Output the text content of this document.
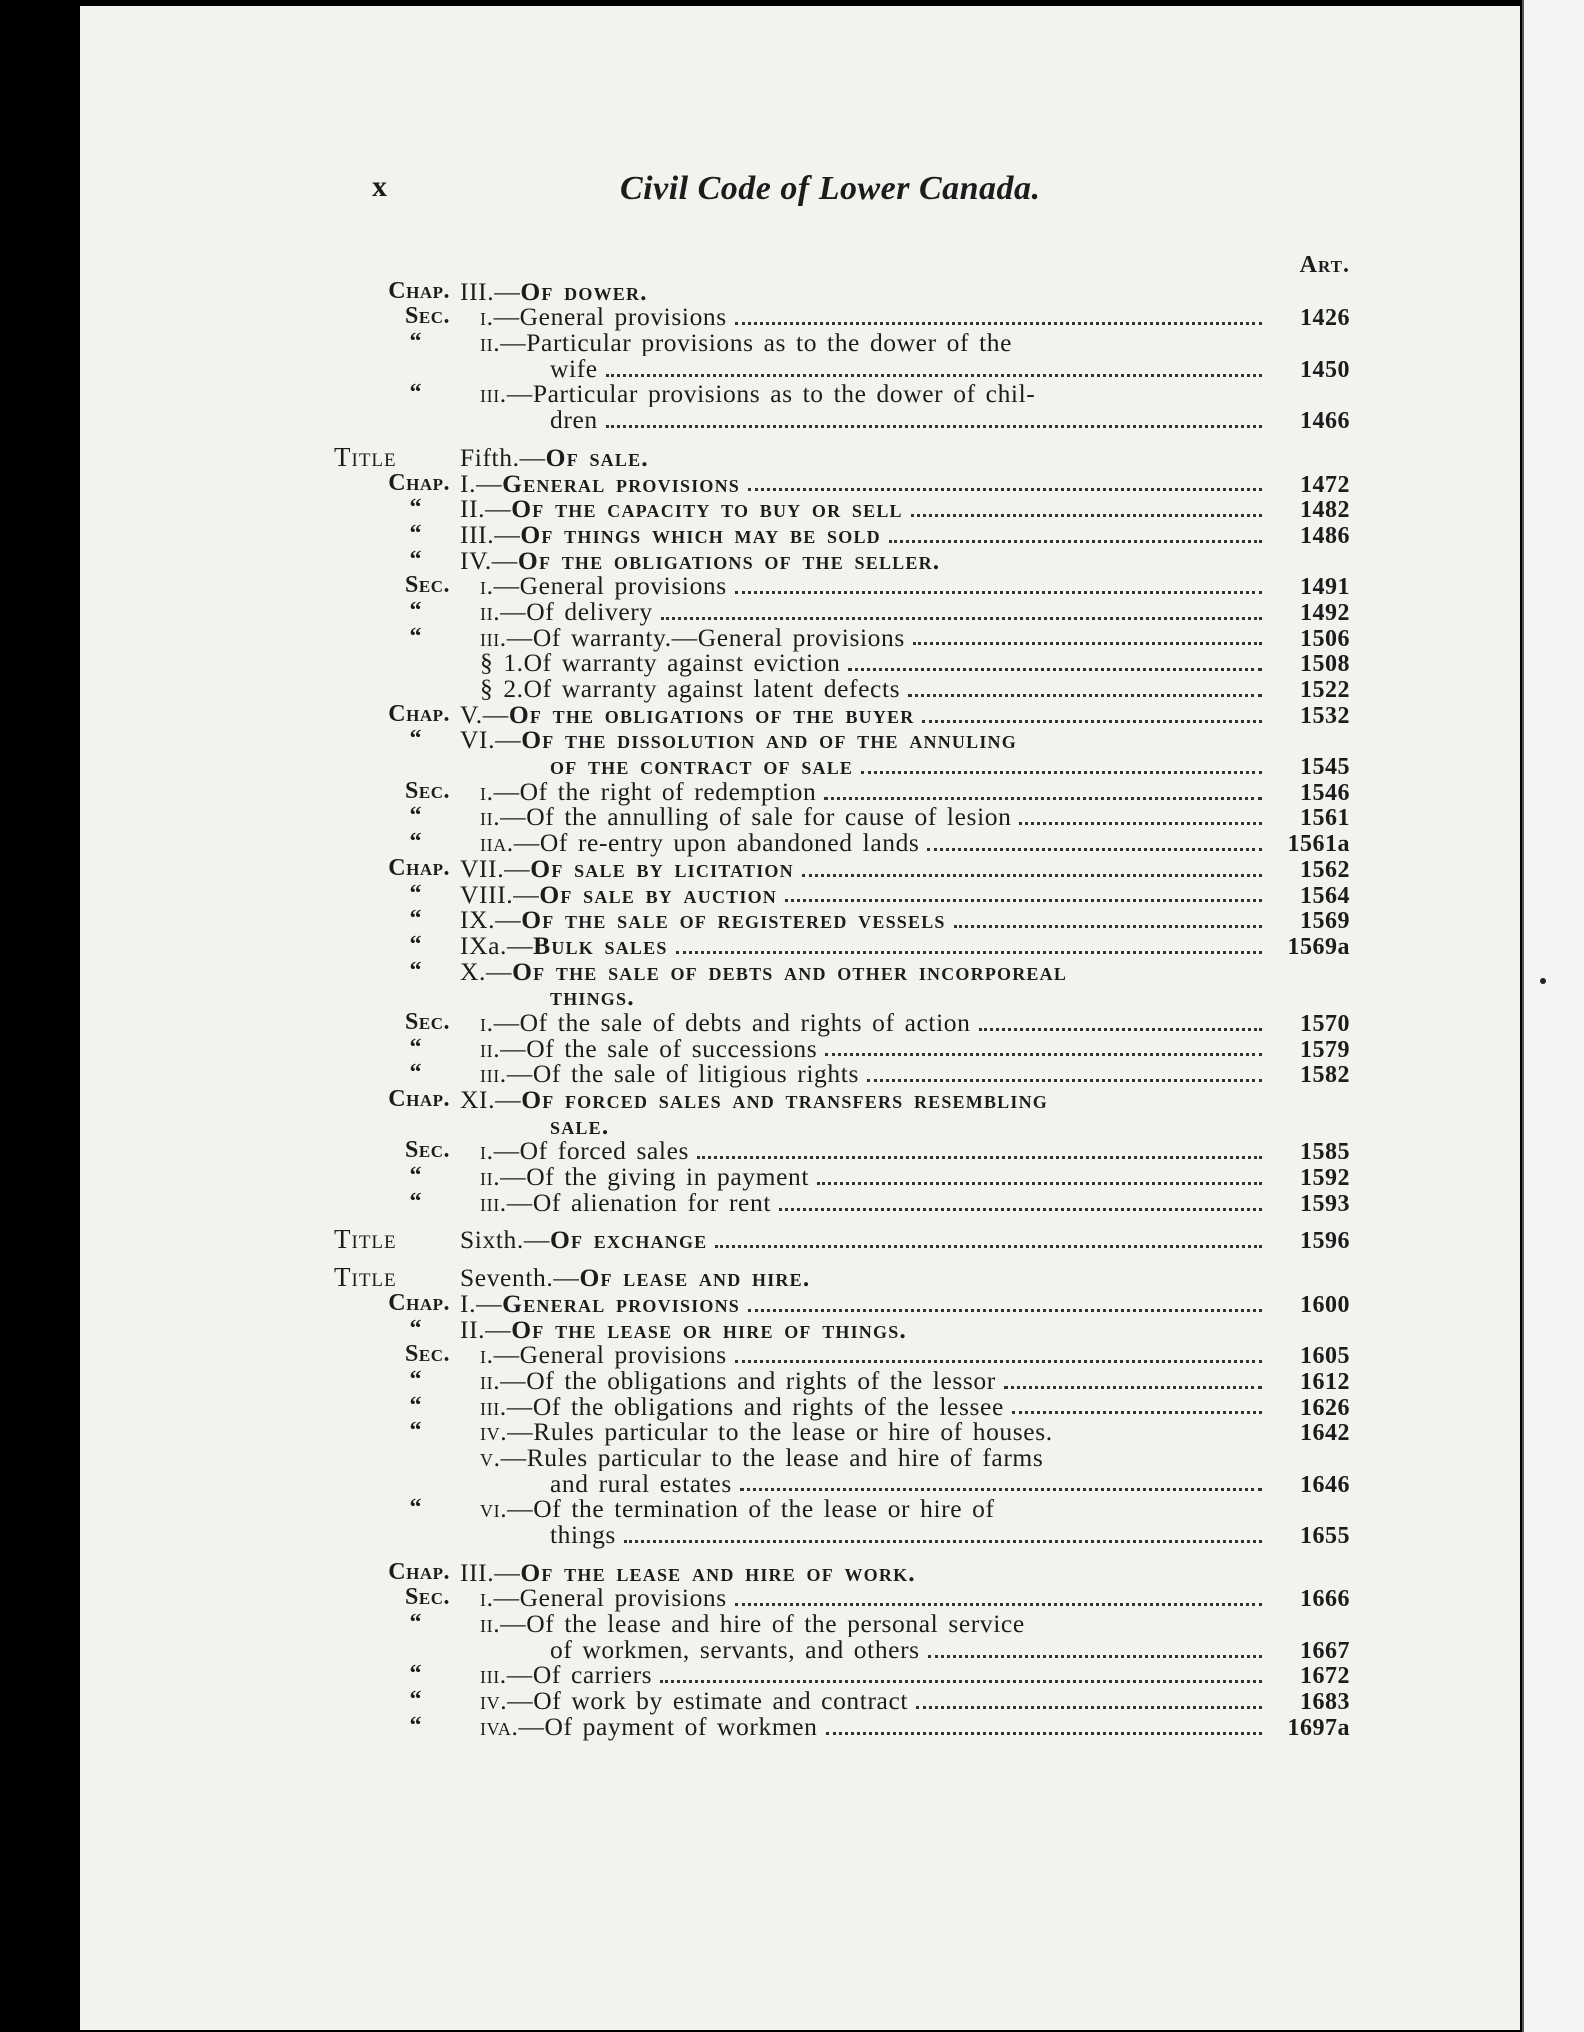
x	Civil Code of Lower Canada.
Art.
Chap. III.— Of dower.
Sec. i.— General provisions	1426
“ ii.— Particular provisions as to the dower of the
wife	1450
“ iii.— Particular provisions as to the dower of chil-
dren	1466
Title	Fifth.— Of sale.
Chap. I.— General provisions	1472
“ II.— Of the capacity to buy or sell	1482
“ III.— Of things which may be sold	1486
“ IV.— Of the obligations of the seller.
Sec. i.— General provisions	1491
“ ii.— Of delivery	1492
“ iii.— Of warranty.—General provisions	1506
§ 1. Of warranty against eviction	1508
§ 2. Of warranty against latent defects	1522
Chap. V.— Of the obligations of the buyer	1532
“ VI.— Of the dissolution and of the annuling
of the contract of sale	1545
Sec. i.— Of the right of redemption	1546
“ ii.— Of the annulling of sale for cause of lesion	1561
“ iia.— Of re-entry upon abandoned lands	1561a
Chap. VII.— Of sale by licitation	1562
“ VIII.— Of sale by auction	1564
“ IX.— Of the sale of registered vessels	1569
“ IXa.— Bulk sales	1569a
“ X.— Of the sale of debts and other incorporeal
things.
Sec. i.— Of the sale of debts and rights of action	1570
“ ii.— Of the sale of successions	1579
“ iii.— Of the sale of litigious rights	1582
Chap. XI.— Of forced sales and transfers resembling
sale.
Sec. i.— Of forced sales	1585
“ ii.— Of the giving in payment	1592
“ iii.— Of alienation for rent	1593
Title	Sixth.— Of exchange	1596
Title	Seventh.— Of lease and hire.
Chap. I.— General provisions	1600
“ II.— Of the lease or hire of things.
Sec. i.— General provisions	1605
“ ii.— Of the obligations and rights of the lessor	1612
“ iii.— Of the obligations and rights of the lessee	1626
“ iv.— Rules particular to the lease or hire of houses.	1642
v.— Rules particular to the lease and hire of farms
and rural estates	1646
“ vi.— Of the termination of the lease or hire of
things	1655
Chap. III.— Of the lease and hire of work.
Sec. i.— General provisions	1666
“ ii.— Of the lease and hire of the personal service
of workmen, servants, and others	1667
“ iii.— Of carriers	1672
“ iv.— Of work by estimate and contract	1683
“ iva.— Of payment of workmen	1697a
